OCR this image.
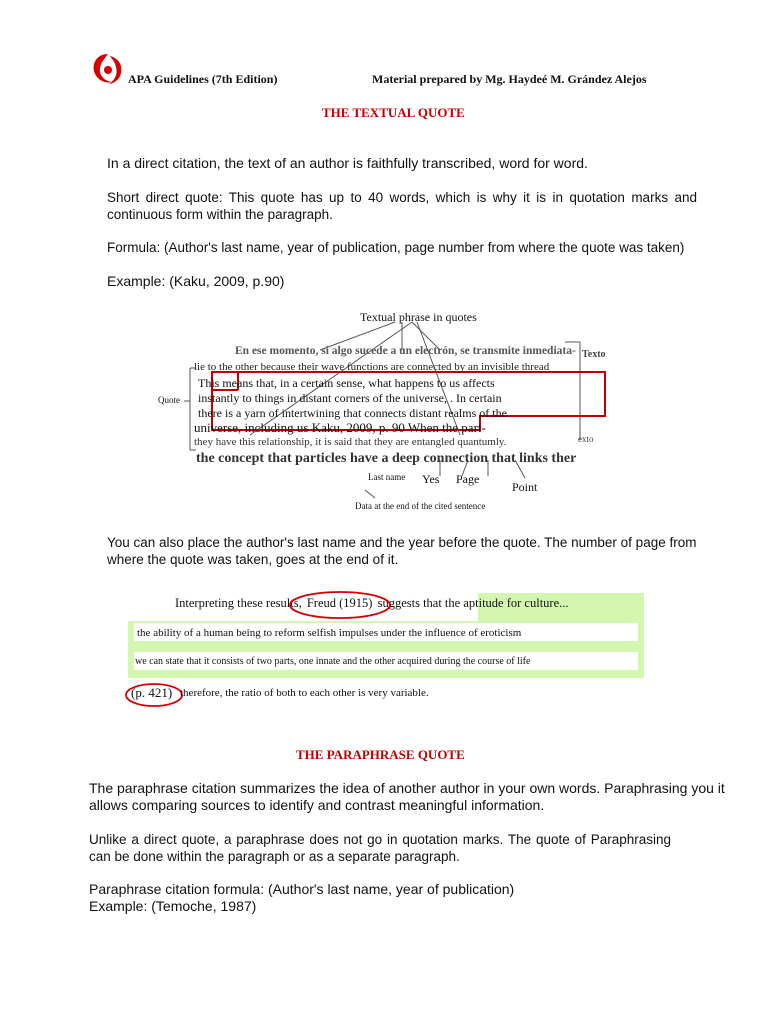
APA Guidelines (7th Edition)	Material prepared by Mg. Haydeé M. Grández Alejos
THE TEXTUAL QUOTE
In a direct citation, the text of an author is faithfully transcribed, word for word.
Short direct quote: This quote has up to 40 words, which is why it is in quotation marks and continuous form within the paragraph.
Formula: (Author's last name, year of publication, page number from where the quote was taken)
Example: (Kaku, 2009, p.90)
Textual phrase in quotes
Texto
Quote
exto
En ese momento, si algo sucede a un electrón, se transmite inmediata-
lie to the other because their wave functions are connected by an invisible thread
This means that, in a certain sense, what happens to us affects
instantly to things in distant corners of the universe, . In certain
there is a yarn of intertwining that connects distant realms of the
universe, including us Kaku, 2009, p. 90 When the part-
they have this relationship, it is said that they are entangled quantumly.
the concept that particles have a deep connection that links ther
Last name Yes Page
Point
Data at the end of the cited sentence
You can also place the author's last name and the year before the quote. The number of page from where the quote was taken, goes at the end of it.
Interpreting these results, Freud (1915) suggests that the aptitude for culture...
the ability of a human being to reform selfish impulses under the influence of eroticism
we can state that it consists of two parts, one innate and the other acquired during the course of life
(p. 421) therefore, the ratio of both to each other is very variable.
THE PARAPHRASE QUOTE
The paraphrase citation summarizes the idea of another author in your own words. Paraphrasing you it allows comparing sources to identify and contrast meaningful information.
Unlike a direct quote, a paraphrase does not go in quotation marks. The quote of Paraphrasing can be done within the paragraph or as a separate paragraph.
Paraphrase citation formula: (Author's last name, year of publication)
Example: (Temoche, 1987)
